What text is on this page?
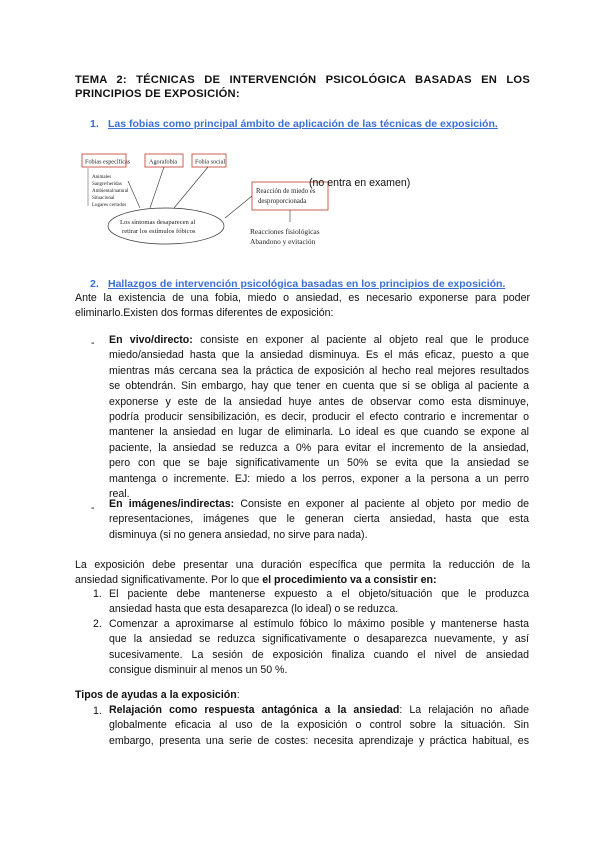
TEMA 2: TÉCNICAS DE INTERVENCIÓN PSICOLÓGICA BASADAS EN LOS PRINCIPIOS DE EXPOSICIÓN:
1. Las fobias como principal ámbito de aplicación de las técnicas de exposición.
Fobias específicas	Agorafobia	Fobia social
Animales
Sangre/heridas
Ambiental/natural
Situacional
Lugares cerrados
Los síntomas desaparecen al
retirar los estímulos fóbicos
Reacción de miedo es
desproporcionada
Reacciones fisiológicas
Abandono y evitación
(no entra en examen)
2. Hallazgos de intervención psicológica basadas en los principios de exposición.
Ante la existencia de una fobia, miedo o ansiedad, es necesario exponerse para poder
eliminarlo.Existen dos formas diferentes de exposición:
- En vivo/directo: consiste en exponer al paciente al objeto real que le produce
miedo/ansiedad hasta que la ansiedad disminuya. Es el más eficaz, puesto a que
mientras más cercana sea la práctica de exposición al hecho real mejores resultados
se obtendrán. Sin embargo, hay que tener en cuenta que si se obliga al paciente a
exponerse y este de la ansiedad huye antes de observar como esta disminuye,
podría producir sensibilización, es decir, producir el efecto contrario e incrementar o
mantener la ansiedad en lugar de eliminarla. Lo ideal es que cuando se expone al
paciente, la ansiedad se reduzca a 0% para evitar el incremento de la ansiedad,
pero con que se baje significativamente un 50% se evita que la ansiedad se
mantenga o incremente. EJ: miedo a los perros, exponer a la persona a un perro
real.
- En imágenes/indirectas: Consiste en exponer al paciente al objeto por medio de
representaciones, imágenes que le generan cierta ansiedad, hasta que esta
disminuya (si no genera ansiedad, no sirve para nada).
La exposición debe presentar una duración específica que permita la reducción de la
ansiedad significativamente. Por lo que el procedimiento va a consistir en:
1. El paciente debe mantenerse expuesto a el objeto/situación que le produzca
ansiedad hasta que esta desaparezca (lo ideal) o se reduzca.
2. Comenzar a aproximarse al estímulo fóbico lo máximo posible y mantenerse hasta
que la ansiedad se reduzca significativamente o desaparezca nuevamente, y así
sucesivamente. La sesión de exposición finaliza cuando el nivel de ansiedad
consigue disminuir al menos un 50 %.
Tipos de ayudas a la exposición:
1. Relajación como respuesta antagónica a la ansiedad: La relajación no añade
globalmente eficacia al uso de la exposición o control sobre la situación. Sin
embargo, presenta una serie de costes: necesita aprendizaje y práctica habitual, es
